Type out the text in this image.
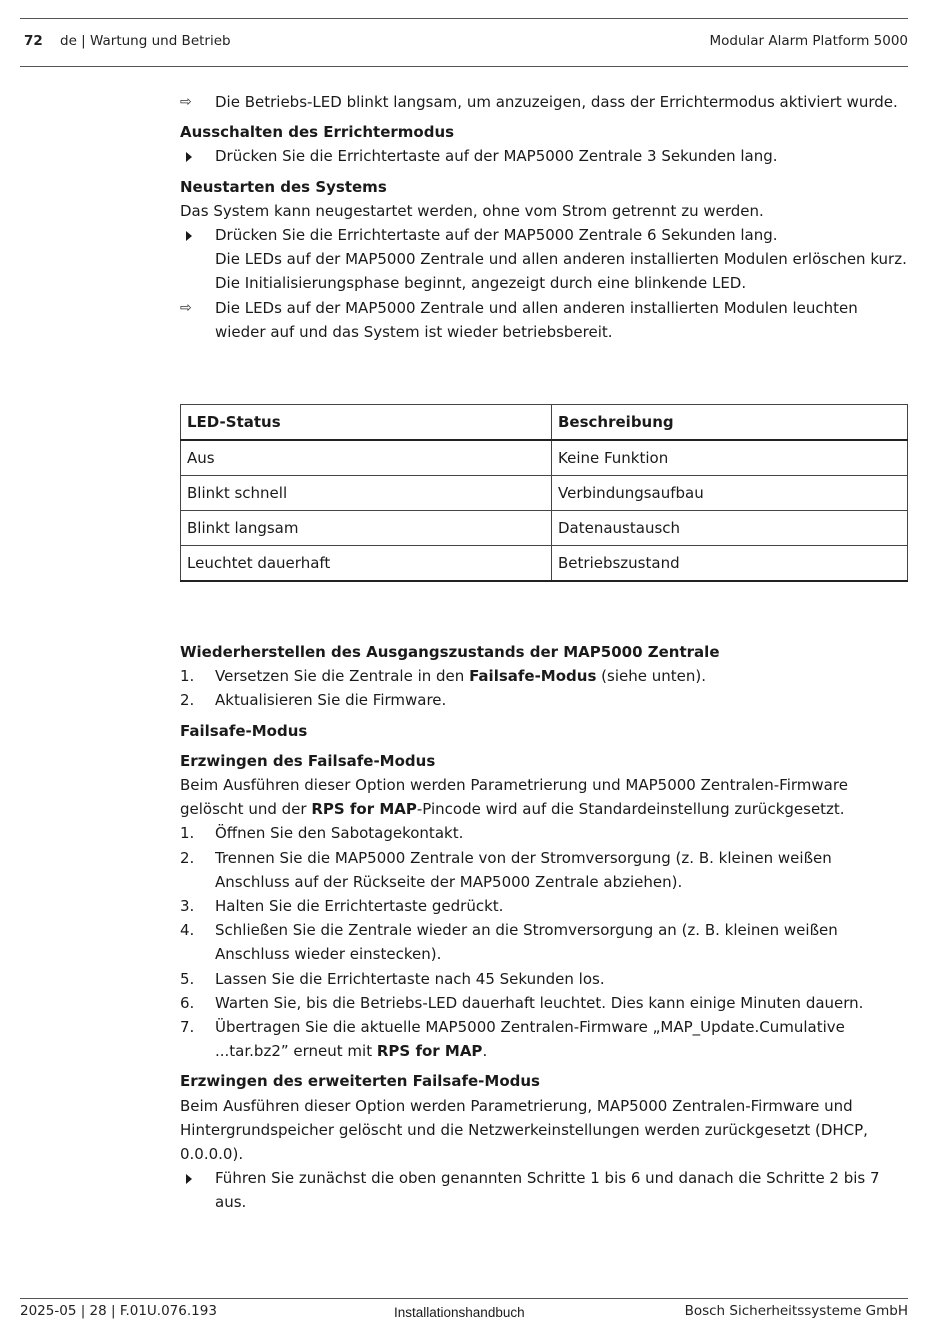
72 de | Wartung und Betrieb	Modular Alarm Platform 5000
⇨	Die Betriebs-LED blinkt langsam, um anzuzeigen, dass der Errichtermodus aktiviert wurde.

Ausschalten des Errichtermodus

Drücken Sie die Errichtertaste auf der MAP5000 Zentrale 3 Sekunden lang.

Neustarten des Systems

Das System kann neugestartet werden, ohne vom Strom getrennt zu werden.

Drücken Sie die Errichtertaste auf der MAP5000 Zentrale 6 Sekunden lang.
Die LEDs auf der MAP5000 Zentrale und allen anderen installierten Modulen erlöschen kurz.
Die Initialisierungsphase beginnt, angezeigt durch eine blinkende LED.
⇨	Die LEDs auf der MAP5000 Zentrale und allen anderen installierten Modulen leuchten wieder auf und das System ist wieder betriebsbereit.
LED-Status	Beschreibung
Aus	Keine Funktion
Blinkt schnell	Verbindungsaufbau
Blinkt langsam	Datenaustausch
Leuchtet dauerhaft	Betriebszustand

Wiederherstellen des Ausgangszustands der MAP5000 Zentrale

1.	Versetzen Sie die Zentrale in den Failsafe-Modus (siehe unten).
2.	Aktualisieren Sie die Firmware.

Failsafe-Modus

Erzwingen des Failsafe-Modus

Beim Ausführen dieser Option werden Parametrierung und MAP5000 Zentralen-Firmware gelöscht und der RPS for MAP-Pincode wird auf die Standardeinstellung zurückgesetzt.

1.	Öffnen Sie den Sabotagekontakt.
2.	Trennen Sie die MAP5000 Zentrale von der Stromversorgung (z. B. kleinen weißen Anschluss auf der Rückseite der MAP5000 Zentrale abziehen).
3.	Halten Sie die Errichtertaste gedrückt.
4.	Schließen Sie die Zentrale wieder an die Stromversorgung an (z. B. kleinen weißen Anschluss wieder einstecken).
5.	Lassen Sie die Errichtertaste nach 45 Sekunden los.
6.	Warten Sie, bis die Betriebs-LED dauerhaft leuchtet. Dies kann einige Minuten dauern.
7.	Übertragen Sie die aktuelle MAP5000 Zentralen-Firmware „MAP_Update.Cumulative ...tar.bz2” erneut mit RPS for MAP.

Erzwingen des erweiterten Failsafe-Modus

Beim Ausführen dieser Option werden Parametrierung, MAP5000 Zentralen-Firmware und Hintergrundspeicher gelöscht und die Netzwerkeinstellungen werden zurückgesetzt (DHCP, 0.0.0.0).

Führen Sie zunächst die oben genannten Schritte 1 bis 6 und danach die Schritte 2 bis 7 aus.
2025-05 | 28 | F.01U.076.193	Installationshandbuch	Bosch Sicherheitssysteme GmbH
